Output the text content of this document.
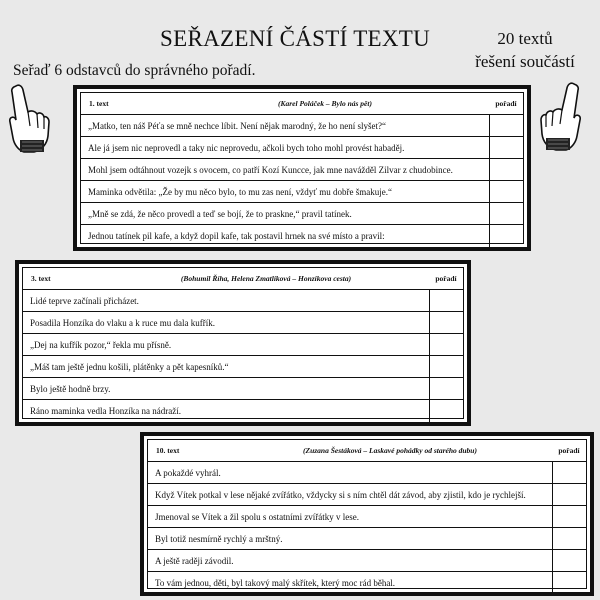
SEŘAZENÍ ČÁSTÍ TEXTU
Seřaď 6 odstavců do správného pořadí.
20 textů
řešení součástí
1. text	(Karel Poláček – Bylo nás pět)	pořadí
„Matko, ten náš Péťa se mně nechce líbit. Není nějak marodný, že ho není slyšet?“
Ale já jsem nic neprovedl a taky nic neprovedu, ačkoli bych toho mohl provést habaděj.
Mohl jsem odtáhnout vozejk s ovocem, co patří Kozí Kuncce, jak mne navážděl Zilvar z chudobince.
Maminka odvětila: „Že by mu něco bylo, to mu zas není, vždyť mu dobře šmakuje.“
„Mně se zdá, že něco provedl a teď se bojí, že to praskne,“ pravil tatínek.
Jednou tatínek pil kafe, a když dopil kafe, tak postavil hrnek na své místo a pravil:
3. text	(Bohumil Říha, Helena Zmatlíková – Honzíkova cesta)	pořadí
Lidé teprve začínali přicházet.
Posadila Honzíka do vlaku a k ruce mu dala kufřík.
„Dej na kufřík pozor,“ řekla mu přísně.
„Máš tam ještě jednu košili, plátěnky a pět kapesníků.“
Bylo ještě hodně brzy.
Ráno maminka vedla Honzíka na nádraží.
10. text	(Zuzana Šestáková – Laskavé pohádky od starého dubu)	pořadí
A pokaždé vyhrál.
Když Vítek potkal v lese nějaké zvířátko, vždycky si s ním chtěl dát závod, aby zjistil, kdo je rychlejší.
Jmenoval se Vítek a žil spolu s ostatními zvířátky v lese.
Byl totiž nesmírně rychlý a mrštný.
A ještě raději závodil.
To vám jednou, děti, byl takový malý skřítek, který moc rád běhal.
